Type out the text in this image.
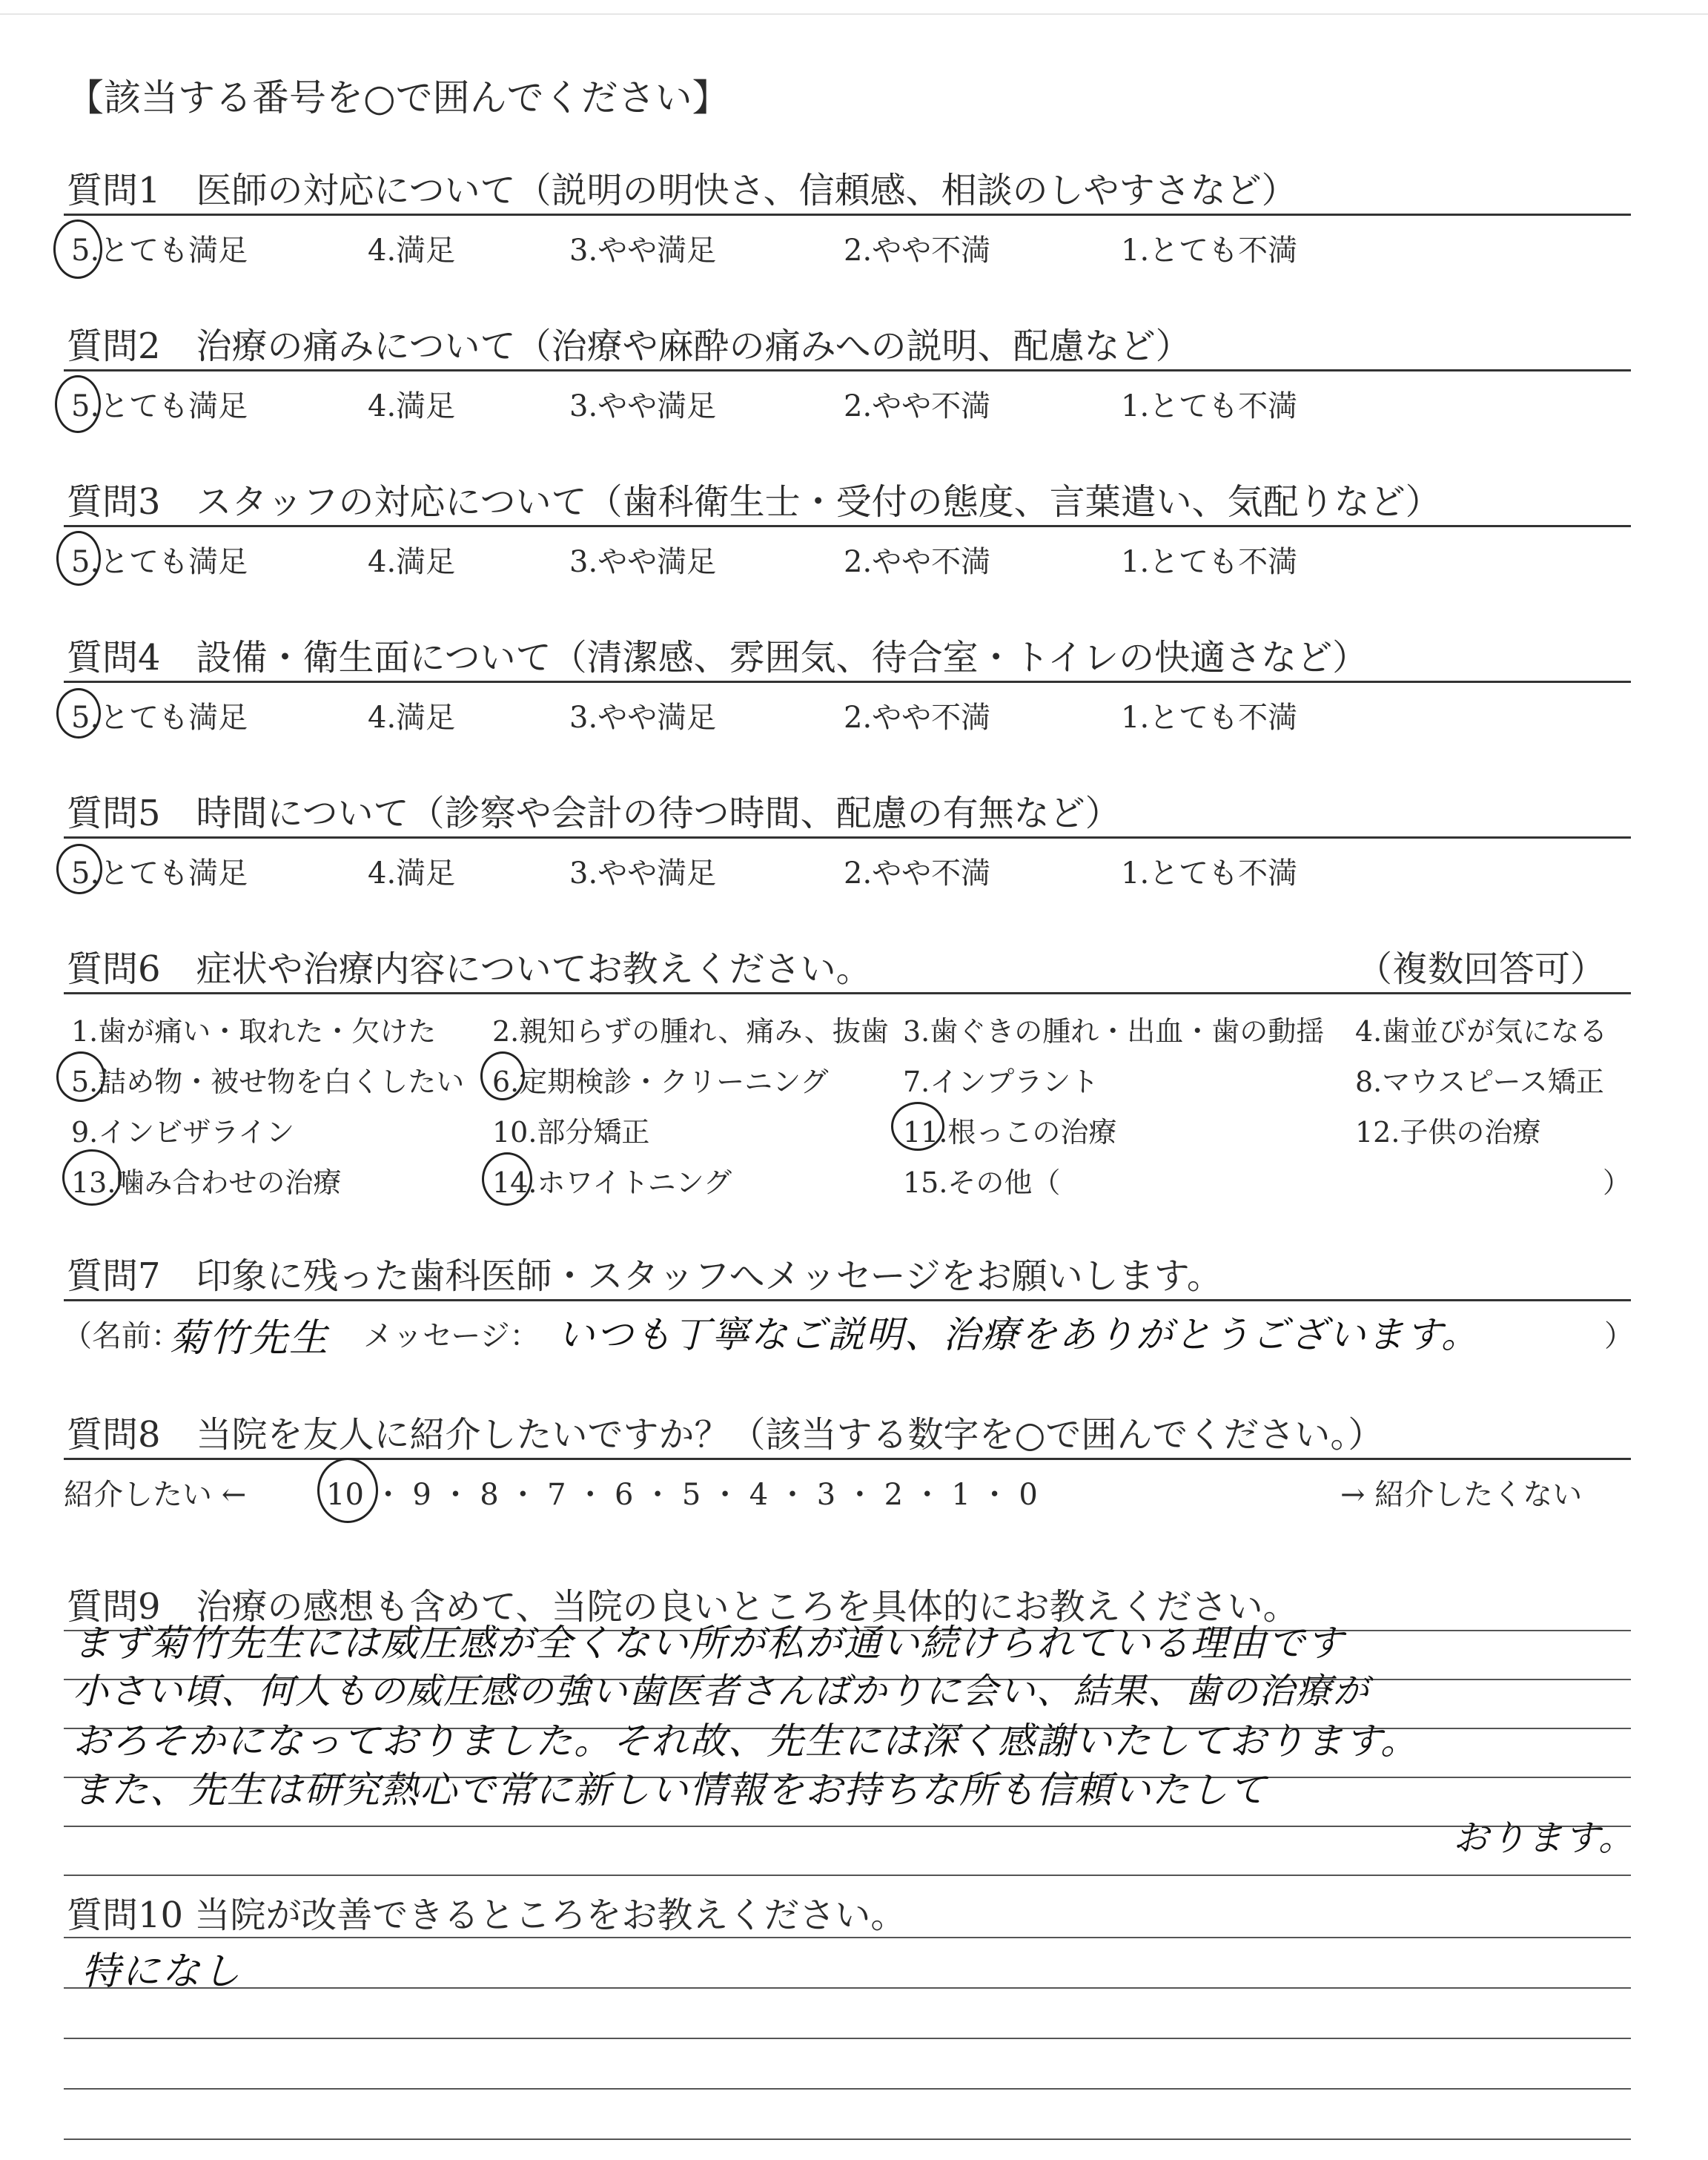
【該当する番号を○で囲んでください】
質問1　医師の対応について（説明の明快さ、信頼感、相談のしやすさなど）
5.とても満足	4.満足	3.やや満足	2.やや不満	1.とても不満
質問2　治療の痛みについて（治療や麻酔の痛みへの説明、配慮など）
5.とても満足	4.満足	3.やや満足	2.やや不満	1.とても不満
質問3　スタッフの対応について（歯科衛生士・受付の態度、言葉遣い、気配りなど）
5.とても満足	4.満足	3.やや満足	2.やや不満	1.とても不満
質問4　設備・衛生面について（清潔感、雰囲気、待合室・トイレの快適さなど）
5.とても満足	4.満足	3.やや満足	2.やや不満	1.とても不満
質問5　時間について（診察や会計の待つ時間、配慮の有無など）
5.とても満足	4.満足	3.やや満足	2.やや不満	1.とても不満
質問6　症状や治療内容についてお教えください。	（複数回答可）
1.歯が痛い・取れた・欠けた 2.親知らずの腫れ、痛み、抜歯 3.歯ぐきの腫れ・出血・歯の動揺 4.歯並びが気になる
5.詰め物・被せ物を白くしたい 6.定期検診・クリーニング	7.インプラント	8.マウスピース矯正
9.インビザライン	10.部分矯正	11.根っこの治療	12.子供の治療
13.噛み合わせの治療	14.ホワイトニング	15.その他（	）
質問7　印象に残った歯科医師・スタッフへメッセージをお願いします。
（名前：
菊竹先生 メッセージ： いつも丁寧なご説明、治療をありがとうございます。	）
質問8　当院を友人に紹介したいですか？（該当する数字を○で囲んでください。）
紹介したい ←	10 ・ 9 ・ 8 ・ 7 ・ 6 ・ 5 ・ 4 ・ 3 ・ 2 ・ 1 ・ 0	→ 紹介したくない
質問9　治療の感想も含めて、当院の良いところを具体的にお教えください。
まず菊竹先生には威圧感が全くない所が私が通い続けられている理由です
小さい頃、何人もの威圧感の強い歯医者さんばかりに会い、結果、歯の治療が
おろそかになっておりました。それ故、先生には深く感謝いたしております。
また、先生は研究熱心で常に新しい情報をお持ちな所も信頼いたして
おります。
質問10 当院が改善できるところをお教えください。
特になし
